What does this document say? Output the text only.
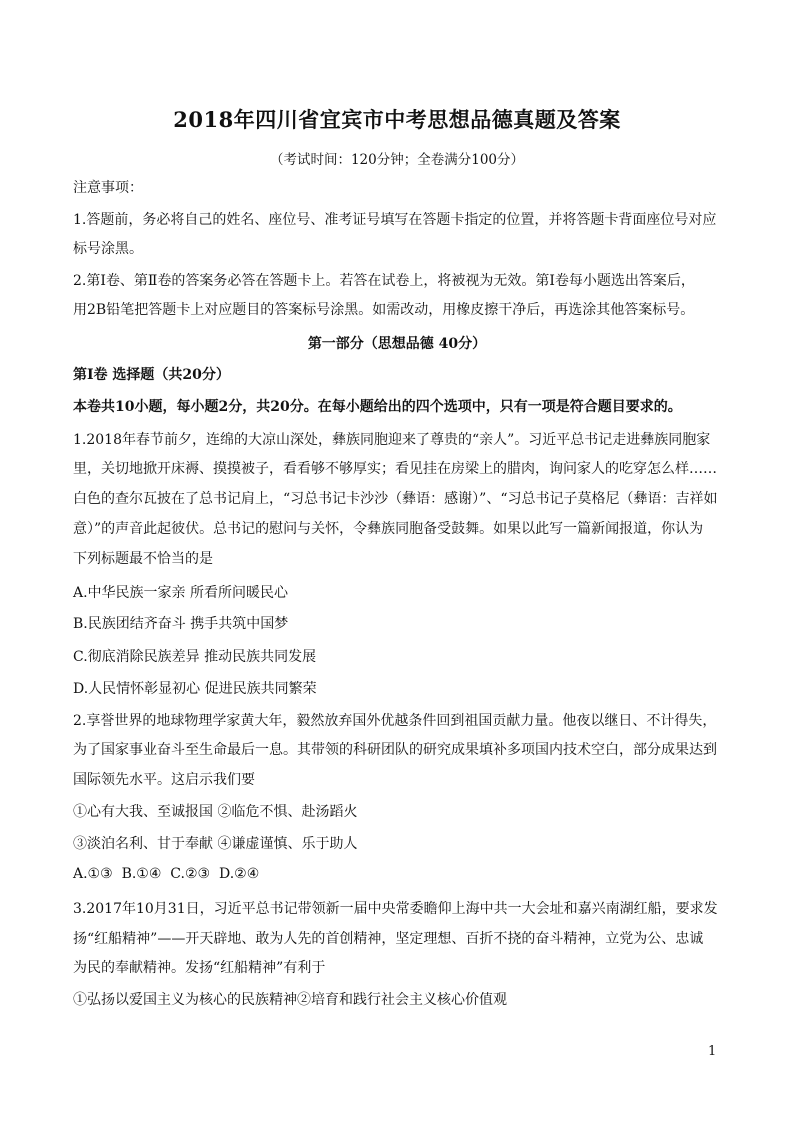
2018年四川省宜宾市中考思想品德真题及答案
（考试时间：120分钟；全卷满分100分）
注意事项：
1.答题前，务必将自己的姓名、座位号、准考证号填写在答题卡指定的位置，并将答题卡背面座位号对应
标号涂黑。
2.第Ⅰ卷、第Ⅱ卷的答案务必答在答题卡上。若答在试卷上，将被视为无效。第Ⅰ卷每小题选出答案后，
用2B铅笔把答题卡上对应题目的答案标号涂黑。如需改动，用橡皮擦干净后，再选涂其他答案标号。
第一部分（思想品德 40分）
第Ⅰ卷 选择题（共20分）
本卷共10小题，每小题2分，共20分。在每小题给出的四个选项中，只有一项是符合题目要求的。
1.2018年春节前夕，连绵的大凉山深处，彝族同胞迎来了尊贵的“亲人”。习近平总书记走进彝族同胞家
里，关切地掀开床褥、摸摸被子，看看够不够厚实；看见挂在房梁上的腊肉，询问家人的吃穿怎么样……
白色的查尔瓦披在了总书记肩上，“习总书记卡沙沙（彝语：感谢）”、“习总书记子莫格尼（彝语：吉祥如
意）”的声音此起彼伏。总书记的慰问与关怀，令彝族同胞备受鼓舞。如果以此写一篇新闻报道，你认为
下列标题最不恰当的是
A.中华民族一家亲 所看所问暖民心
B.民族团结齐奋斗 携手共筑中国梦
C.彻底消除民族差异 推动民族共同发展
D.人民情怀彰显初心 促进民族共同繁荣
2.享誉世界的地球物理学家黄大年，毅然放弃国外优越条件回到祖国贡献力量。他夜以继日、不计得失，
为了国家事业奋斗至生命最后一息。其带领的科研团队的研究成果填补多项国内技术空白，部分成果达到
国际领先水平。这启示我们要
①心有大我、至诚报国 ②临危不惧、赴汤蹈火
③淡泊名利、甘于奉献 ④谦虚谨慎、乐于助人
A.①③  B.①④  C.②③  D.②④
3.2017年10月31日，习近平总书记带领新一届中央常委瞻仰上海中共一大会址和嘉兴南湖红船，要求发
扬“红船精神”——开天辟地、敢为人先的首创精神，坚定理想、百折不挠的奋斗精神，立党为公、忠诚
为民的奉献精神。发扬“红船精神”有利于
①弘扬以爱国主义为核心的民族精神②培育和践行社会主义核心价值观
1
